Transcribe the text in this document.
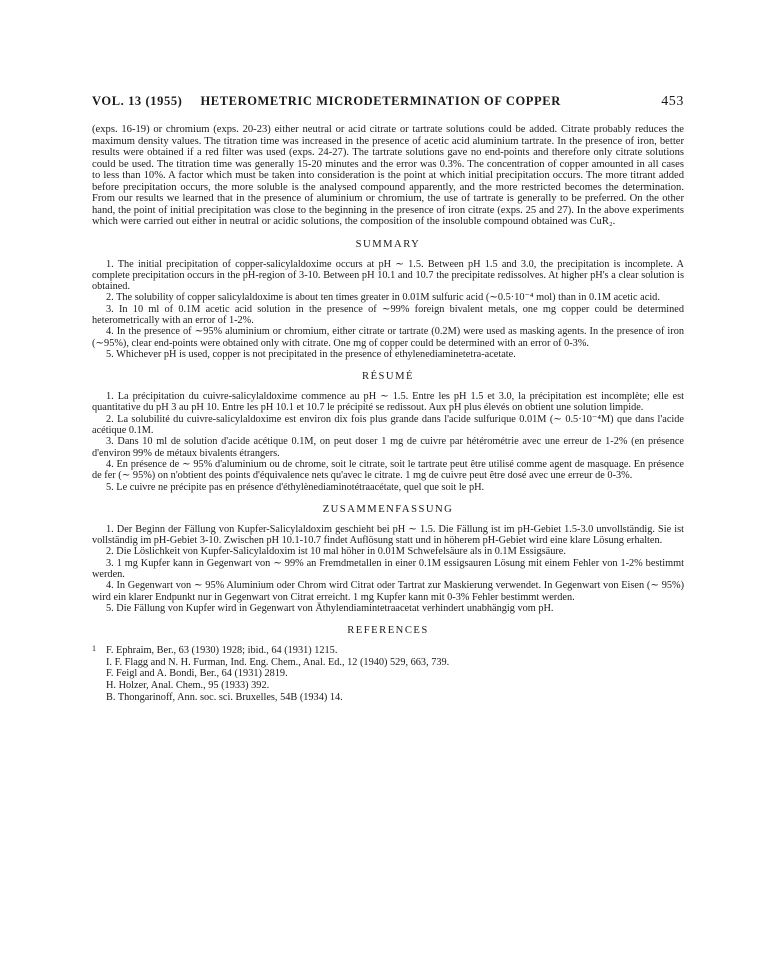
VOL. 13 (1955) HETEROMETRIC MICRODETERMINATION OF COPPER	453

(exps. 16-19) or chromium (exps. 20-23) either neutral or acid citrate or tartrate solutions could be added. Citrate probably reduces the maximum density values. The titration time was increased in the presence of acetic acid aluminium tartrate. In the presence of iron, better results were obtained if a red filter was used (exps. 24-27). The tartrate solutions gave no end-points and therefore only citrate solutions could be used. The titration time was generally 15-20 minutes and the error was 0.3%. The concentration of copper amounted in all cases to less than 10%. A factor which must be taken into consideration is the point at which initial precipitation occurs. The more titrant added before precipitation occurs, the more soluble is the analysed compound apparently, and the more restricted becomes the determination. From our results we learned that in the presence of aluminium or chromium, the use of tartrate is generally to be preferred. On the other hand, the point of initial precipitation was close to the beginning in the presence of iron citrate (exps. 25 and 27). In the above experiments which were carried out either in neutral or acidic solutions, the composition of the insoluble compound obtained was CuR₂.

SUMMARY
1. The initial precipitation of copper-salicylaldoxime occurs at pH ∼ 1.5. Between pH 1.5 and 3.0, the precipitation is incomplete. A complete precipitation occurs in the pH-region of 3-10. Between pH 10.1 and 10.7 the precipitate redissolves. At higher pH's a clear solution is obtained.
2. The solubility of copper salicylaldoxime is about ten times greater in 0.01M sulfuric acid (∼0.5·10⁻⁴ mol) than in 0.1M acetic acid.
3. In 10 ml of 0.1M acetic acid solution in the presence of ∼99% foreign bivalent metals, one mg copper could be determined heterometrically with an error of 1-2%.
4. In the presence of ∼95% aluminium or chromium, either citrate or tartrate (0.2M) were used as masking agents. In the presence of iron (∼95%), clear end-points were obtained only with citrate. One mg of copper could be determined with an error of 0-3%.
5. Whichever pH is used, copper is not precipitated in the presence of ethylenediaminetetra-acetate.
RÉSUMÉ
1. La précipitation du cuivre-salicylaldoxime commence au pH ∼ 1.5. Entre les pH 1.5 et 3.0, la précipitation est incomplète; elle est quantitative du pH 3 au pH 10. Entre les pH 10.1 et 10.7 le précipité se redissout. Aux pH plus élevés on obtient une solution limpide.
2. La solubilité du cuivre-salicylaldoxime est environ dix fois plus grande dans l'acide sulfurique 0.01M (∼ 0.5·10⁻⁴M) que dans l'acide acétique 0.1M.
3. Dans 10 ml de solution d'acide acétique 0.1M, on peut doser 1 mg de cuivre par hétérométrie avec une erreur de 1-2% (en présence d'environ 99% de métaux bivalents étrangers.
4. En présence de ∼ 95% d'aluminium ou de chrome, soit le citrate, soit le tartrate peut être utilisé comme agent de masquage. En présence de fer (∼ 95%) on n'obtient des points d'équivalence nets qu'avec le citrate. 1 mg de cuivre peut être dosé avec une erreur de 0-3%.
5. Le cuivre ne précipite pas en présence d'éthylènediaminotétraacétate, quel que soit le pH.
ZUSAMMENFASSUNG
1. Der Beginn der Fällung von Kupfer-Salicylaldoxim geschieht bei pH ∼ 1.5. Die Fällung ist im pH-Gebiet 1.5-3.0 unvollständig. Sie ist vollständig im pH-Gebiet 3-10. Zwischen pH 10.1-10.7 findet Auflösung statt und in höherem pH-Gebiet wird eine klare Lösung erhalten.
2. Die Löslichkeit von Kupfer-Salicylaldoxim ist 10 mal höher in 0.01M Schwefelsäure als in 0.1M Essigsäure.
3. 1 mg Kupfer kann in Gegenwart von ∼ 99% an Fremdmetallen in einer 0.1M essigsauren Lösung mit einem Fehler von 1-2% bestimmt werden.
4. In Gegenwart von ∼ 95% Aluminium oder Chrom wird Citrat oder Tartrat zur Maskierung verwendet. In Gegenwart von Eisen (∼ 95%) wird ein klarer Endpunkt nur in Gegenwart von Citrat erreicht. 1 mg Kupfer kann mit 0-3% Fehler bestimmt werden.
5. Die Fällung von Kupfer wird in Gegenwart von Äthylendiamintetraacetat verhindert unabhängig vom pH.
REFERENCES
1 F. Ephraim, Ber., 63 (1930) 1928; ibid., 64 (1931) 1215.
I. F. Flagg and N. H. Furman, Ind. Eng. Chem., Anal. Ed., 12 (1940) 529, 663, 739.
F. Feigl and A. Bondi, Ber., 64 (1931) 2819.
H. Holzer, Anal. Chem., 95 (1933) 392.
B. Thongarinoff, Ann. soc. sci. Bruxelles, 54B (1934) 14.
